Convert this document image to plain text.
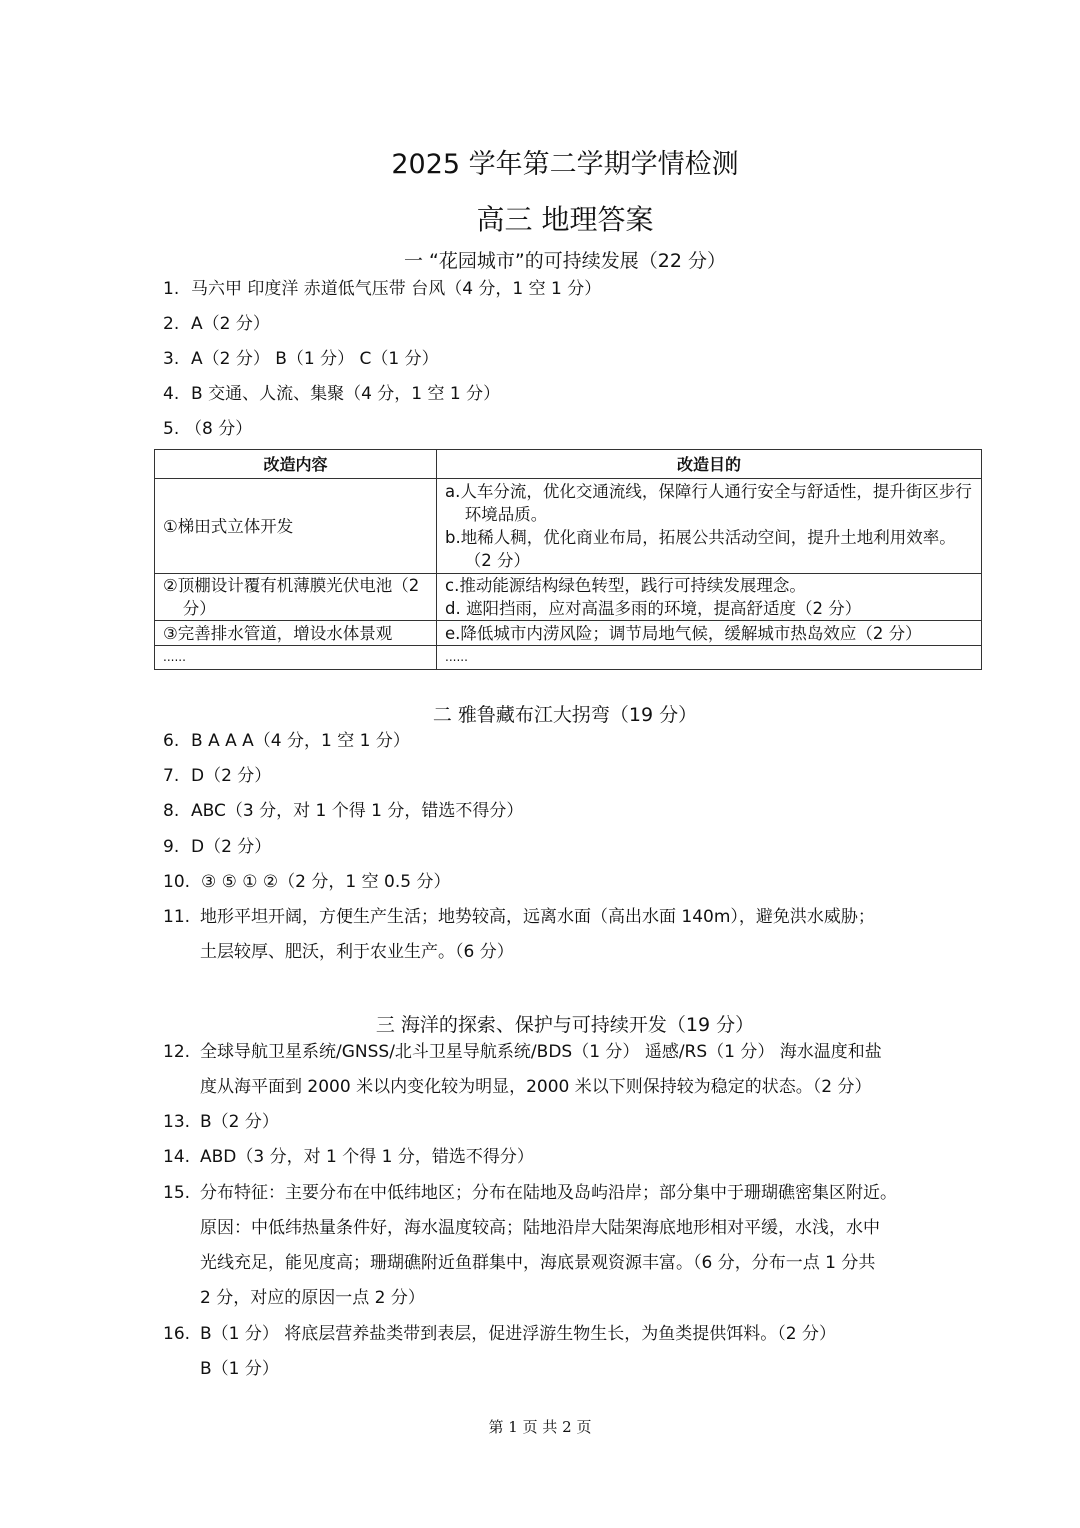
2025 学年第二学期学情检测
高三 地理答案
一 “花园城市”的可持续发展（22 分）
1. 马六甲 印度洋 赤道低气压带 台风（4 分，1 空 1 分）
2. A（2 分）
3. A（2 分） B（1 分） C（1 分）
4. B 交通、人流、集聚（4 分，1 空 1 分）
5. （8 分）
改造内容	改造目的
①梯田式立体开发	a.人车分流，优化交通流线，保障行人通行安全与舒适性，提升街区步行环境品质。
b.地稀人稠，优化商业布局，拓展公共活动空间，提升土地利用效率。（2 分）

②顶棚设计覆有机薄膜光伏电池（2 分）	c.推动能源结构绿色转型，践行可持续发展理念。
d. 遮阳挡雨，应对高温多雨的环境，提高舒适度（2 分）

③完善排水管道，增设水体景观	e.降低城市内涝风险；调节局地气候，缓解城市热岛效应（2 分）
......	......
二 雅鲁藏布江大拐弯（19 分）
6. B A A A（4 分，1 空 1 分）
7. D（2 分）
8. ABC（3 分，对 1 个得 1 分，错选不得分）
9. D（2 分）
10. ③ ⑤ ① ②（2 分，1 空 0.5 分）
11. 地形平坦开阔，方便生产生活；地势较高，远离水面（高出水面 140m），避免洪水威胁；
土层较厚、肥沃，利于农业生产。（6 分）
三 海洋的探索、保护与可持续开发（19 分）
12. 全球导航卫星系统/GNSS/北斗卫星导航系统/BDS（1 分） 遥感/RS（1 分） 海水温度和盐
度从海平面到 2000 米以内变化较为明显，2000 米以下则保持较为稳定的状态。（2 分）
13. B（2 分）
14. ABD（3 分，对 1 个得 1 分，错选不得分）
15. 分布特征：主要分布在中低纬地区；分布在陆地及岛屿沿岸；部分集中于珊瑚礁密集区附近。
原因：中低纬热量条件好，海水温度较高；陆地沿岸大陆架海底地形相对平缓，水浅，水中
光线充足，能见度高；珊瑚礁附近鱼群集中，海底景观资源丰富。（6 分，分布一点 1 分共
2 分，对应的原因一点 2 分）
16. B（1 分） 将底层营养盐类带到表层，促进浮游生物生长，为鱼类提供饵料。（2 分）
B（1 分）
第 1 页 共 2 页
